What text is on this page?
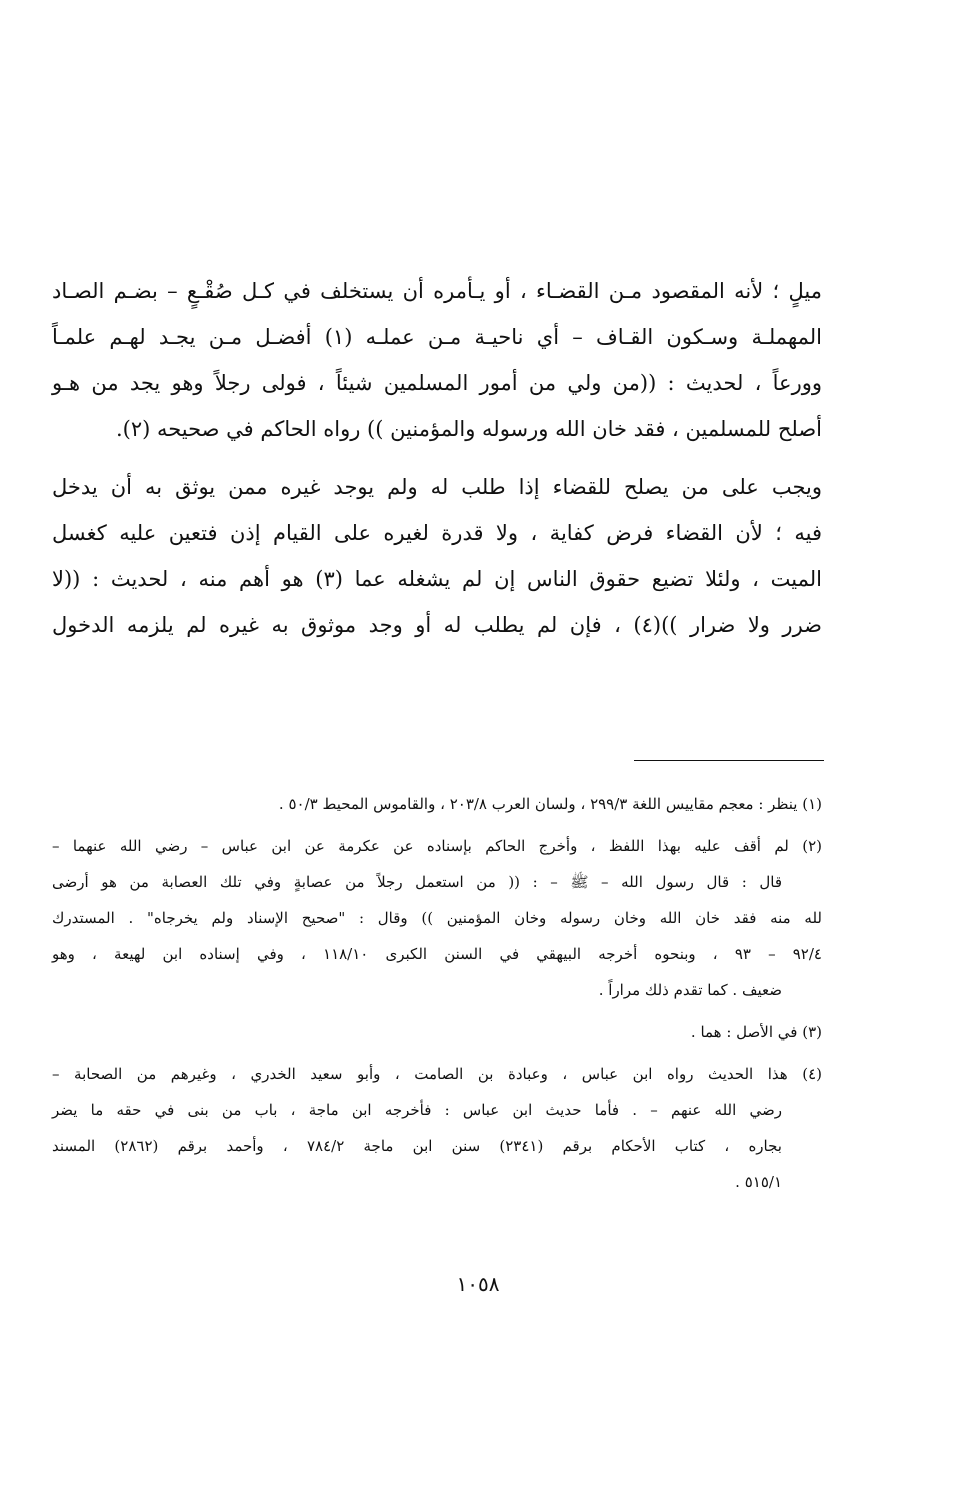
ميلٍ ؛ لأنه المقصود مـن القضـاء ، أو يـأمره أن يستخلف في كـل صُقْـعٍ – بضـم الصـاد
المهملـة وسـكون القـاف – أي ناحيـة مـن عملـه (١) أفضـل مـن يجـد لهـم علمـاً
وورعاً ، لحديث : ((من ولي من أمور المسلمين شيئاً ، فولى رجلاً وهو يجد من هـو
أصلح للمسلمين ، فقد خان الله ورسوله والمؤمنين )) رواه الحاكم في صحيحه (٢).
ويجب على من يصلح للقضاء إذا طلب له ولم يوجد غيره ممن يوثق به أن يدخل
فيه ؛ لأن القضاء فرض كفاية ، ولا قدرة لغيره على القيام إذن فتعين عليه كغسل
الميت ، ولئلا تضيع حقوق الناس إن لم يشغله عما (٣) هو أهم منه ، لحديث : ((لا
ضرر ولا ضرار ))(٤) ، فإن لم يطلب له أو وجد موثوق به غيره لم يلزمه الدخول
(١) ينظر : معجم مقاييس اللغة ٢٩٩/٣ ، ولسان العرب ٢٠٣/٨ ، والقاموس المحيط ٥٠/٣ .
(٢) لم أقف عليه بهذا اللفظ ، وأخرج الحاكم بإسناده عن عكرمة عن ابن عباس – رضي الله عنهما –
قال : قال رسول الله – ﷺ – : (( من استعمل رجلاً من عصابةٍ وفي تلك العصابة من هو أرضى
لله منه فقد خان الله وخان رسوله وخان المؤمنين )) وقال : "صحيح الإسناد ولم يخرجاه" . المستدرك
٩٢/٤ – ٩٣ ، وبنحوه أخرجه البيهقي في السنن الكبرى ١١٨/١٠ ، وفي إسناده ابن لهيعة ، وهو
ضعيف . كما تقدم ذلك مراراً .
(٣) في الأصل : هما .
(٤) هذا الحديث رواه ابن عباس ، وعبادة بن الصامت ، وأبو سعيد الخدري ، وغيرهم من الصحابة –
رضي الله عنهم – . فأما حديث ابن عباس : فأخرجه ابن ماجة ، باب من بنى في حقه ما يضر
بجاره ، كتاب الأحكام برقم (٢٣٤١) سنن ابن ماجة ٧٨٤/٢ ، وأحمد برقم (٢٨٦٢) المسند
٥١٥/١ .
١٠٥٨
